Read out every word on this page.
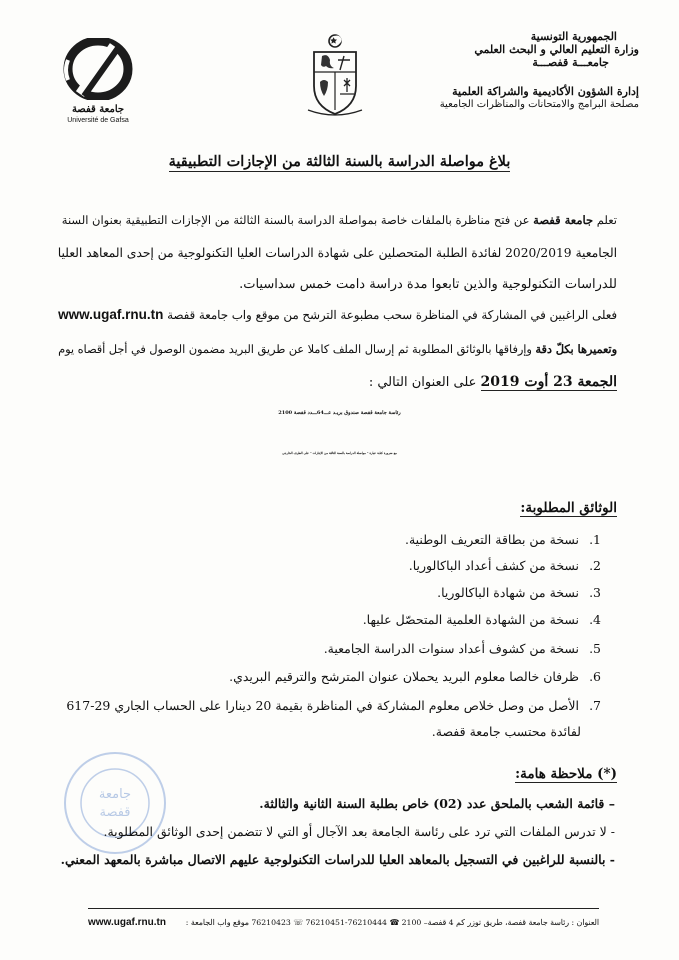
الجمهورية التونسية
وزارة التعليم العالي و البحث العلمي
جامعـــة قفصـــة
إدارة الشؤون الأكاديمية والشراكة العلمية
مصلحة البرامج والامتحانات والمناظرات الجامعية
جامعة قفصة
Université de Gafsa
بلاغ مواصلة الدراسة بالسنة الثالثة من الإجازات التطبيقية
تعلم جامعة قفصة عن فتح مناظرة بالملفات خاصة بمواصلة الدراسة بالسنة الثالثة من الإجازات التطبيقية بعنوان السنة
الجامعية 2020/2019 لفائدة الطلبة المتحصلين على شهادة الدراسات العليا التكنولوجية من إحدى المعاهد العليا
للدراسات التكنولوجية والذين تابعوا مدة دراسة دامت خمس سداسيات.
فعلى الراغبين في المشاركة في المناظرة سحب مطبوعة الترشح من موقع واب جامعة قفصة www.ugaf.rnu.tn
وتعميرها بكلّ دقة وإرفاقها بالوثائق المطلوبة ثم إرسال الملف كاملا عن طريق البريد مضمون الوصول في أجل أقصاه يوم
الجمعة 23 أوت 2019 على العنوان التالي :
رئاسة جامعة قفصة صندوق بريـد عـــ64ـــدد قفصة 2100
مع ضرورة كتابة عبارة " مواصلة الدراسة بالسنة الثالثة من الإجازات " على الظرف الخارجي
الوثائق المطلوبة:
1. نسخة من بطاقة التعريف الوطنية.
2. نسخة من كشف أعداد الباكالوريا.
3. نسخة من شهادة الباكالوريا.
4. نسخة من الشهادة العلمية المتحصّل عليها.
5. نسخة من كشوف أعداد سنوات الدراسة الجامعية.
6. ظرفان خالصا معلوم البريد يحملان عنوان المترشح والترقيم البريدي.
7. الأصل من وصل خلاص معلوم المشاركة في المناظرة بقيمة 20 دينارا على الحساب الجاري 29-617
لفائدة محتسب جامعة قفصة.
جامعة
قفصة
(*) ملاحظة هامة:
– قائمة الشعب بالملحق عدد (02) خاص بطلبة السنة الثانية والثالثة.
- لا تدرس الملفات التي ترد على رئاسة الجامعة بعد الآجال أو التي لا تتضمن إحدى الوثائق المطلوبة.
- بالنسبة للراغبين في التسجيل بالمعاهد العليا للدراسات التكنولوجية عليهم الاتصال مباشرة بالمعهد المعني.
العنوان : رئاسة جامعة قفصة، طريق توزر كم 4 قفصة– 2100 ☎ 76210444-76210451 ☏ 76210423 موقع واب الجامعة :
www.ugaf.rnu.tn
